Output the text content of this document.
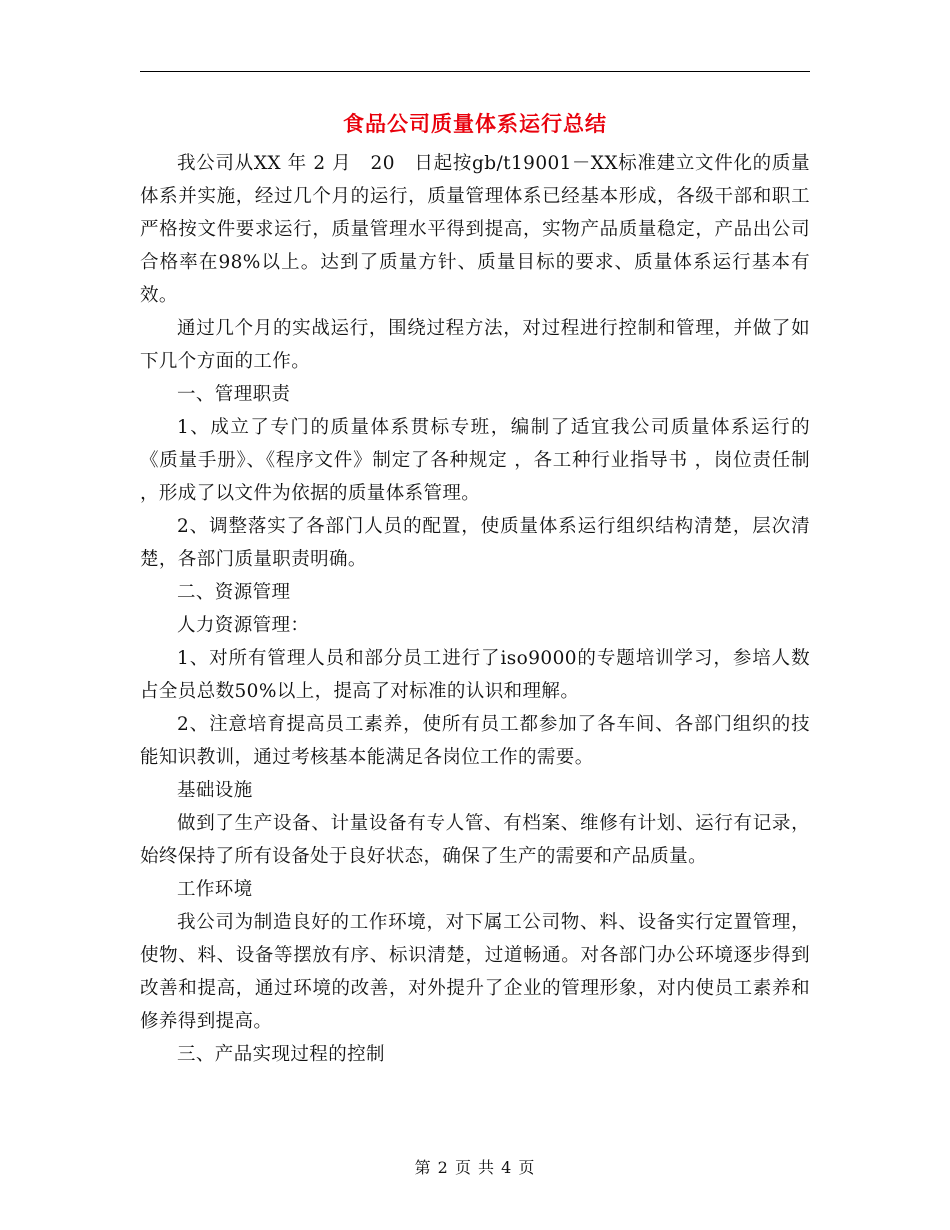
食品公司质量体系运行总结

我公司从XX 年 2 月　20　日起按gb/t19001－XX标准建立文件化的质量体系并实施，经过几个月的运行，质量管理体系已经基本形成，各级干部和职工严格按文件要求运行，质量管理水平得到提高，实物产品质量稳定，产品出公司合格率在98%以上。达到了质量方针、质量目标的要求、质量体系运行基本有效。

通过几个月的实战运行，围绕过程方法，对过程进行控制和管理，并做了如下几个方面的工作。

一、管理职责

1、成立了专门的质量体系贯标专班，编制了适宜我公司质量体系运行的《质量手册》、《程序文件》制定了各种规定 ，各工种行业指导书 ，岗位责任制 ，形成了以文件为依据的质量体系管理。

2、调整落实了各部门人员的配置，使质量体系运行组织结构清楚，层次清楚，各部门质量职责明确。

二、资源管理

人力资源管理：

1、对所有管理人员和部分员工进行了iso9000的专题培训学习，参培人数占全员总数50%以上，提高了对标准的认识和理解。

2、注意培育提高员工素养，使所有员工都参加了各车间、各部门组织的技能知识教训，通过考核基本能满足各岗位工作的需要。

基础设施

做到了生产设备、计量设备有专人管、有档案、维修有计划、运行有记录，始终保持了所有设备处于良好状态，确保了生产的需要和产品质量。

工作环境

我公司为制造良好的工作环境，对下属工公司物、料、设备实行定置管理，使物、料、设备等摆放有序、标识清楚，过道畅通。对各部门办公环境逐步得到改善和提高，通过环境的改善，对外提升了企业的管理形象，对内使员工素养和修养得到提高。

三、产品实现过程的控制

第 2 页 共 4 页
